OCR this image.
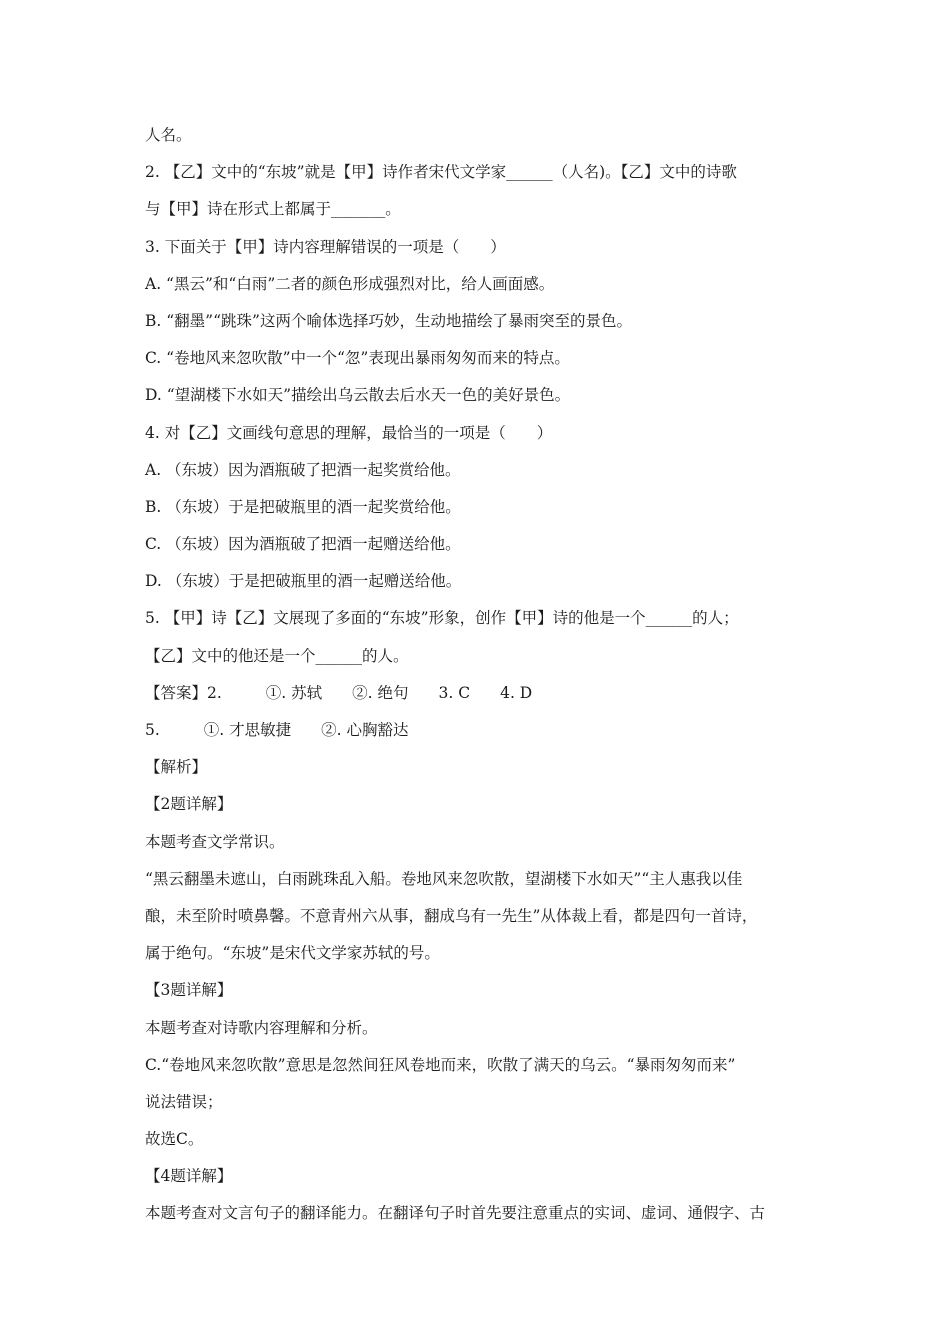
人名。
2. 【乙】文中的“东坡”就是【甲】诗作者宋代文学家______（人名)。【乙】文中的诗歌
与【甲】诗在形式上都属于_______。
3. 下面关于【甲】诗内容理解错误的一项是（　　）
A. “黑云”和“白雨”二者的颜色形成强烈对比，给人画面感。
B. “翻墨”“跳珠”这两个喻体选择巧妙，生动地描绘了暴雨突至的景色。
C. “卷地风来忽吹散”中一个“忽”表现出暴雨匆匆而来的特点。
D. “望湖楼下水如天”描绘出乌云散去后水天一色的美好景色。
4. 对【乙】文画线句意思的理解，最恰当的一项是（　　）
A. （东坡）因为酒瓶破了把酒一起奖赏给他。
B. （东坡）于是把破瓶里的酒一起奖赏给他。
C. （东坡）因为酒瓶破了把酒一起赠送给他。
D. （东坡）于是把破瓶里的酒一起赠送给他。
5. 【甲】诗【乙】文展现了多面的“东坡”形象，创作【甲】诗的他是一个______的人；
【乙】文中的他还是一个______的人。
【答案】2.	①. 苏轼 ②. 绝句 3. C 4. D
5.	①. 才思敏捷 ②. 心胸豁达
【解析】
【2题详解】
本题考查文学常识。
“黑云翻墨未遮山，白雨跳珠乱入船。卷地风来忽吹散，望湖楼下水如天”“主人惠我以佳
酿，未至阶时喷鼻馨。不意青州六从事，翻成乌有一先生”从体裁上看，都是四句一首诗，
属于绝句。“东坡”是宋代文学家苏轼的号。
【3题详解】
本题考查对诗歌内容理解和分析。
C.“卷地风来忽吹散”意思是忽然间狂风卷地而来，吹散了满天的乌云。“暴雨匆匆而来”
说法错误；
故选C。
【4题详解】
本题考查对文言句子的翻译能力。在翻译句子时首先要注意重点的实词、虚词、通假字、古
